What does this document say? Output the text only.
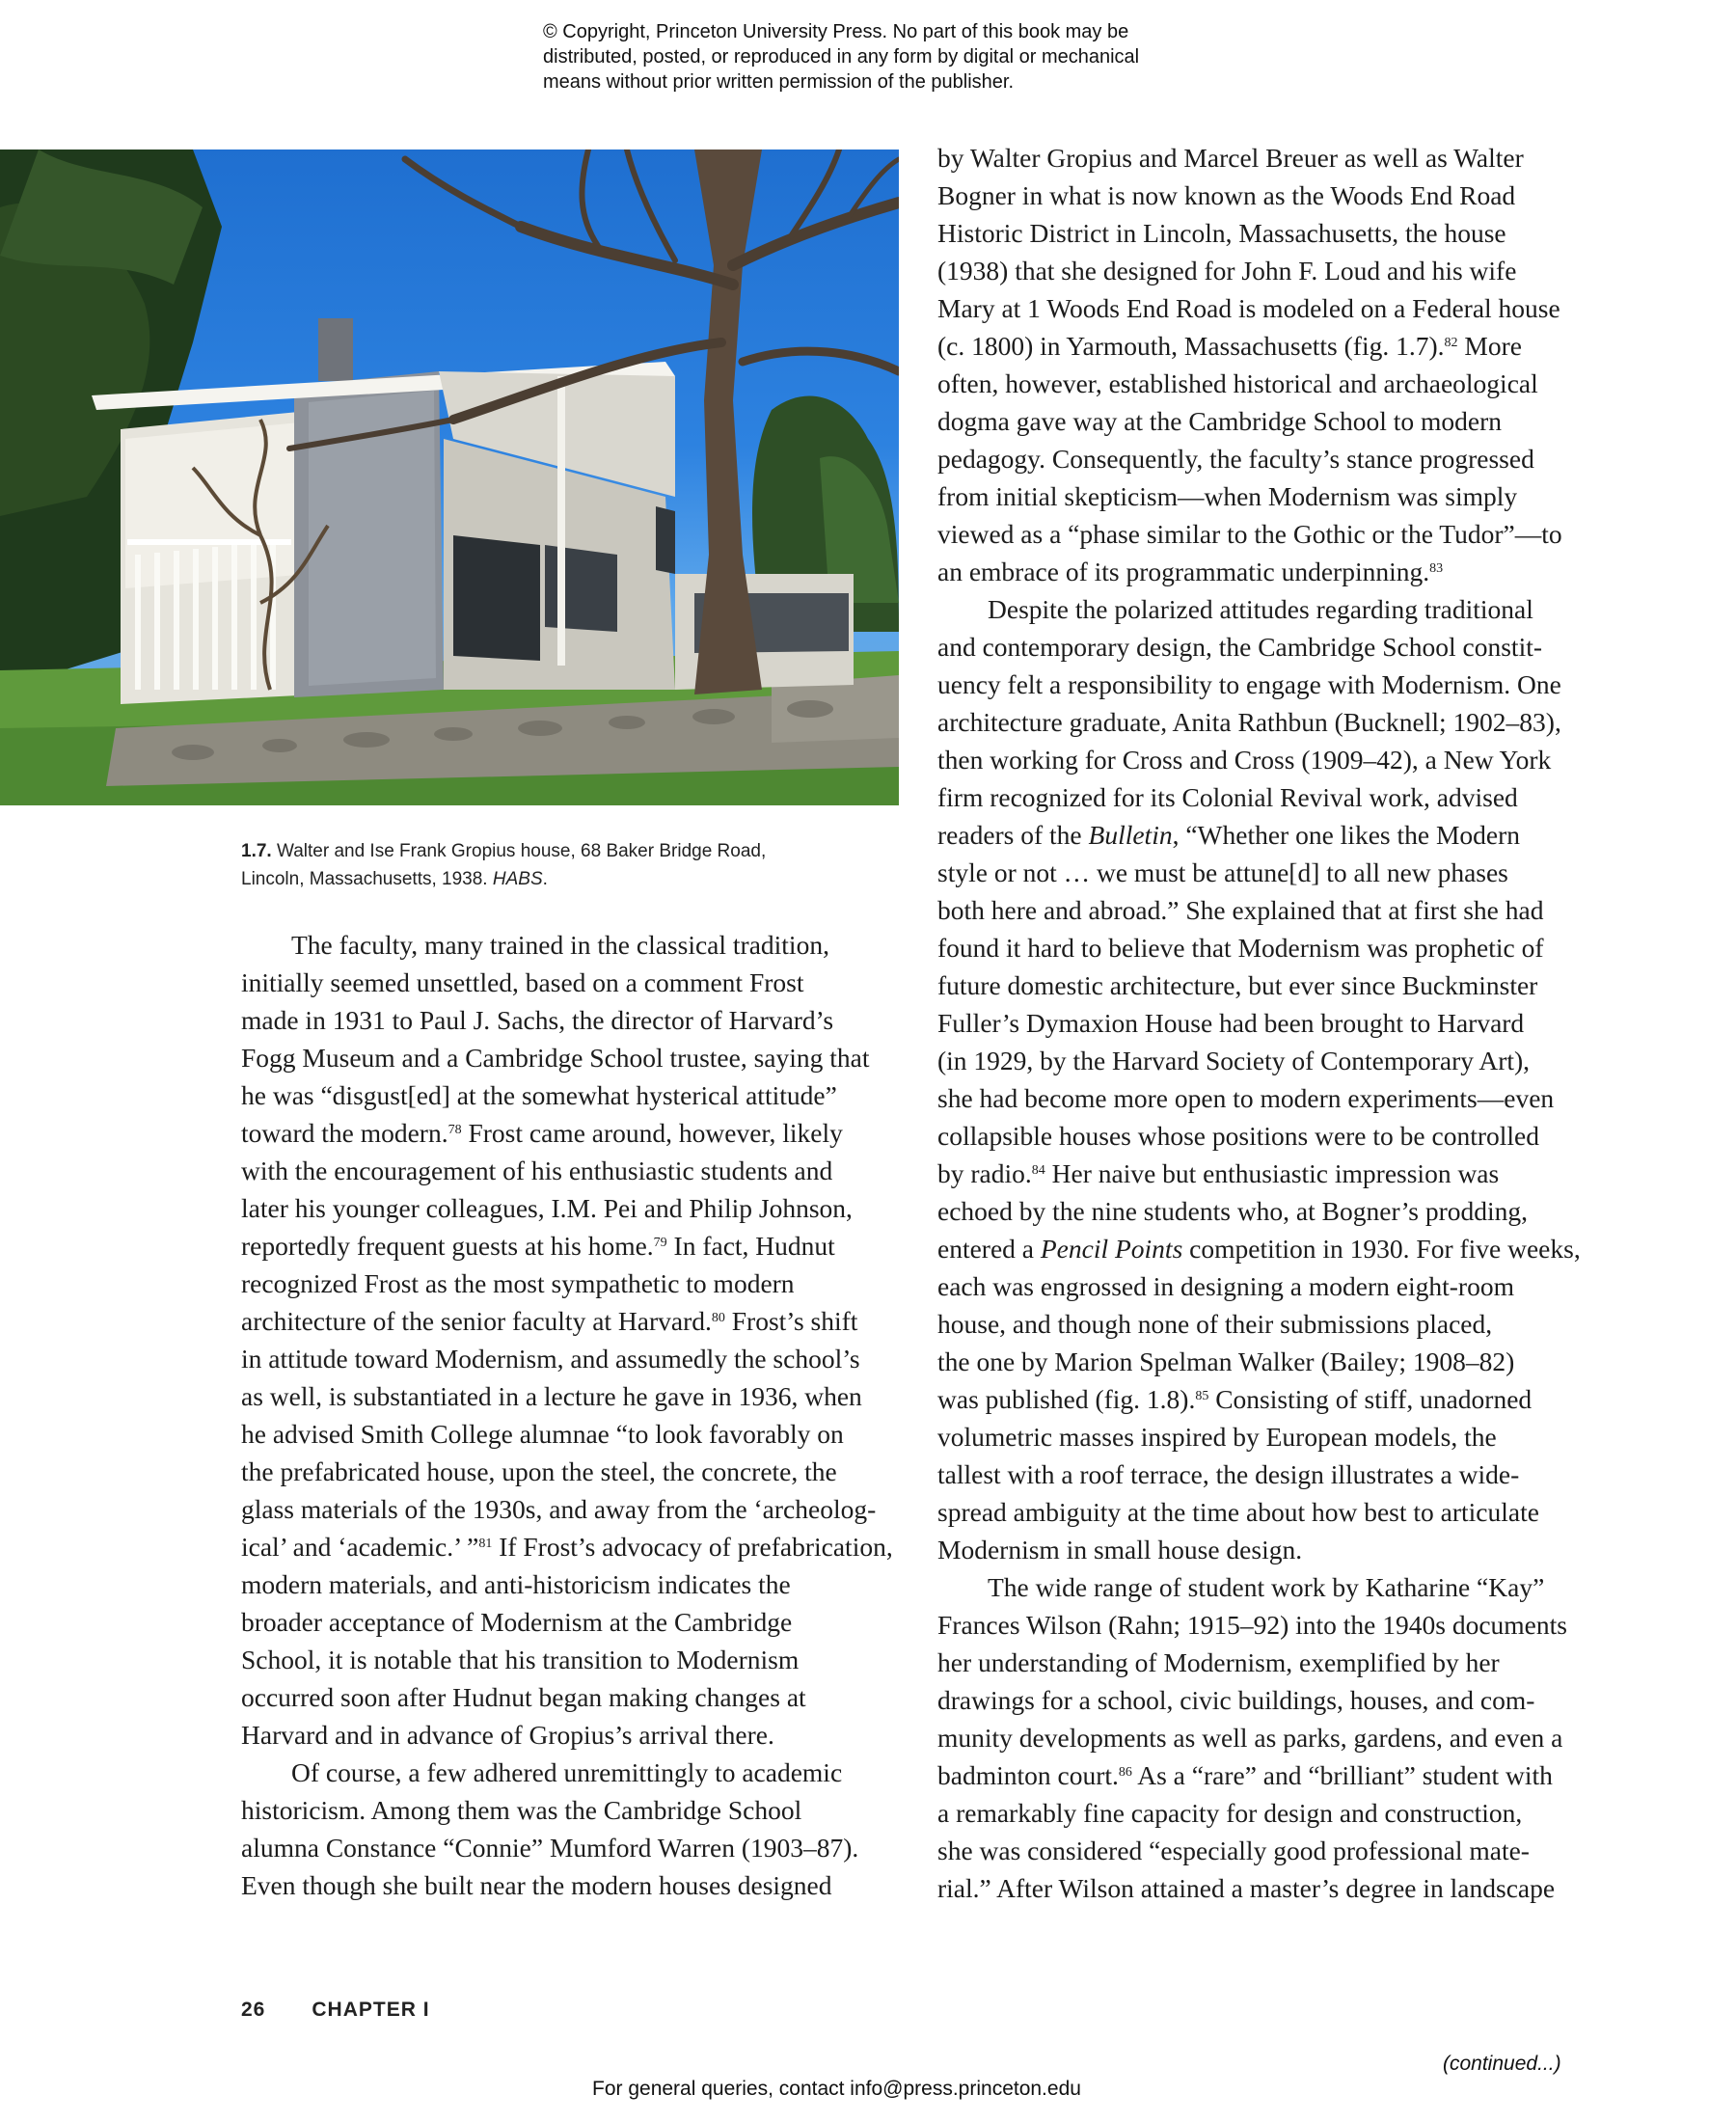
© Copyright, Princeton University Press. No part of this book may be
distributed, posted, or reproduced in any form by digital or mechanical
means without prior written permission of the publisher.
1.7. Walter and Ise Frank Gropius house, 68 Baker Bridge Road,
Lincoln, Massachusetts, 1938. HABS.
The faculty, many trained in the classical tradition,
initially seemed unsettled, based on a comment Frost
made in 1931 to Paul J. Sachs, the director of Harvard’s
Fogg Museum and a Cambridge School trustee, saying that
he was “disgust[ed] at the somewhat hysterical attitude”
toward the modern.$^{78}$ Frost came around, however, likely
with the encouragement of his enthusiastic students and
later his younger colleagues, I.M. Pei and Philip Johnson,
reportedly frequent guests at his home.$^{79}$ In fact, Hudnut
recognized Frost as the most sympathetic to modern
architecture of the senior faculty at Harvard.$^{80}$ Frost’s shift
in attitude toward Modernism, and assumedly the school’s
as well, is substantiated in a lecture he gave in 1936, when
he advised Smith College alumnae “to look favorably on
the prefabricated house, upon the steel, the concrete, the
glass materials of the 1930s, and away from the ‘archeolog-
ical’ and ‘academic.’ ”$^{81}$ If Frost’s advocacy of prefabrication,
modern materials, and anti-historicism indicates the
broader acceptance of Modernism at the Cambridge
School, it is notable that his transition to Modernism
occurred soon after Hudnut began making changes at
Harvard and in advance of Gropius’s arrival there.
Of course, a few adhered unremittingly to academic
historicism. Among them was the Cambridge School
alumna Constance “Connie” Mumford Warren (1903–87).
Even though she built near the modern houses designed
by Walter Gropius and Marcel Breuer as well as Walter
Bogner in what is now known as the Woods End Road
Historic District in Lincoln, Massachusetts, the house
(1938) that she designed for John F. Loud and his wife
Mary at 1 Woods End Road is modeled on a Federal house
(c. 1800) in Yarmouth, Massachusetts (fig. 1.7).$^{82}$ More
often, however, established historical and archaeological
dogma gave way at the Cambridge School to modern
pedagogy. Consequently, the faculty’s stance progressed
from initial skepticism—when Modernism was simply
viewed as a “phase similar to the Gothic or the Tudor”—to
an embrace of its programmatic underpinning.$^{83}$
Despite the polarized attitudes regarding traditional
and contemporary design, the Cambridge School constit-
uency felt a responsibility to engage with Modernism. One
architecture graduate, Anita Rathbun (Bucknell; 1902–83),
then working for Cross and Cross (1909–42), a New York
firm recognized for its Colonial Revival work, advised
readers of the Bulletin, “Whether one likes the Modern
style or not … we must be attune[d] to all new phases
both here and abroad.” She explained that at first she had
found it hard to believe that Modernism was prophetic of
future domestic architecture, but ever since Buckminster
Fuller’s Dymaxion House had been brought to Harvard
(in 1929, by the Harvard Society of Contemporary Art),
she had become more open to modern experiments—even
collapsible houses whose positions were to be controlled
by radio.$^{84}$ Her naive but enthusiastic impression was
echoed by the nine students who, at Bogner’s prodding,
entered a Pencil Points competition in 1930. For five weeks,
each was engrossed in designing a modern eight-room
house, and though none of their submissions placed,
the one by Marion Spelman Walker (Bailey; 1908–82)
was published (fig. 1.8).$^{85}$ Consisting of stiff, unadorned
volumetric masses inspired by European models, the
tallest with a roof terrace, the design illustrates a wide-
spread ambiguity at the time about how best to articulate
Modernism in small house design.
The wide range of student work by Katharine “Kay”
Frances Wilson (Rahn; 1915–92) into the 1940s documents
her understanding of Modernism, exemplified by her
drawings for a school, civic buildings, houses, and com-
munity developments as well as parks, gardens, and even a
badminton court.$^{86}$ As a “rare” and “brilliant” student with
a remarkably fine capacity for design and construction,
she was considered “especially good professional mate-
rial.” After Wilson attained a master’s degree in landscape
26 CHAPTER I
(continued...)
For general queries, contact info@press.princeton.edu
